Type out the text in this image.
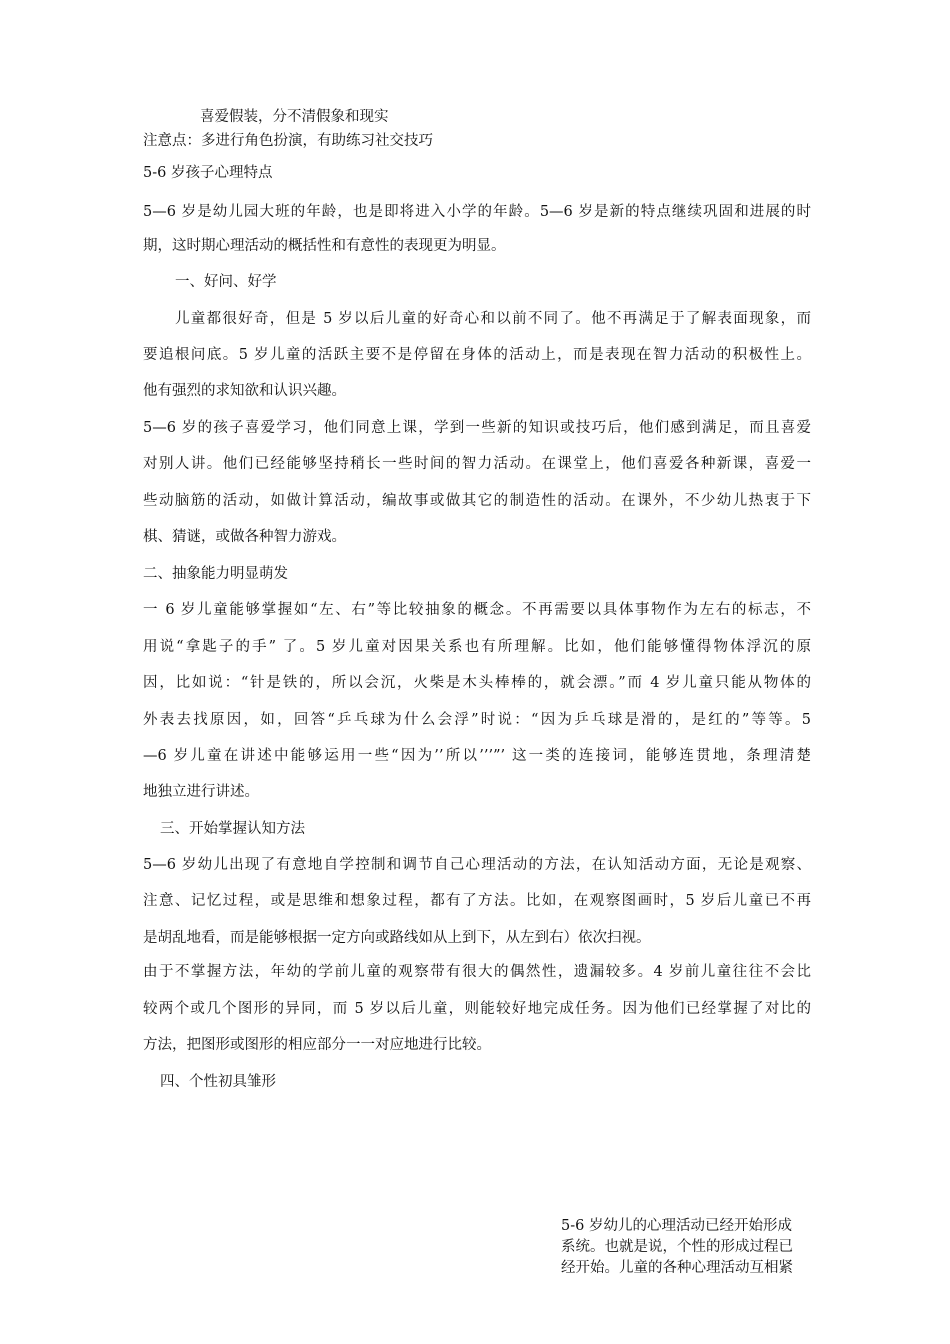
喜爱假装，分不清假象和现实
注意点：多进行角色扮演，有助练习社交技巧
5-6 岁孩子心理特点
5—6 岁是幼儿园大班的年龄，也是即将进入小学的年龄。5—6 岁是新的特点继续巩固和进展的时
期，这时期心理活动的概括性和有意性的表现更为明显。
一、好问、好学
儿童都很好奇，但是 5 岁以后儿童的好奇心和以前不同了。他不再满足于了解表面现象，而
要追根问底。5 岁儿童的活跃主要不是停留在身体的活动上，而是表现在智力活动的积极性上。
他有强烈的求知欲和认识兴趣。
5—6 岁的孩子喜爱学习，他们同意上课，学到一些新的知识或技巧后，他们感到满足，而且喜爱
对别人讲。他们已经能够坚持稍长一些时间的智力活动。在课堂上，他们喜爱各种新课，喜爱一
些动脑筋的活动，如做计算活动，编故事或做其它的制造性的活动。在课外，不少幼儿热衷于下
棋、猜谜，或做各种智力游戏。
二、抽象能力明显萌发
一 6 岁儿童能够掌握如“左、右”等比较抽象的概念。不再需要以具体事物作为左右的标志，不
用说“拿匙子的手” 了。5 岁儿童对因果关系也有所理解。比如，他们能够懂得物体浮沉的原
因，比如说：“针是铁的，所以会沉，火柴是木头棒棒的，就会漂。”而 4 岁儿童只能从物体的
外表去找原因，如，回答“乒乓球为什么会浮”时说：“因为乒乓球是滑的，是红的”等等。5
—6 岁儿童在讲述中能够运用一些“因为’’所以’’’”’ 这一类的连接词，能够连贯地，条理清楚
地独立进行讲述。
三、开始掌握认知方法
5—6 岁幼儿出现了有意地自学控制和调节自己心理活动的方法，在认知活动方面，无论是观察、
注意、记忆过程，或是思维和想象过程，都有了方法。比如，在观察图画时，5 岁后儿童已不再
是胡乱地看，而是能够根据一定方向或路线如从上到下，从左到右）依次扫视。
由于不掌握方法，年幼的学前儿童的观察带有很大的偶然性，遗漏较多。4 岁前儿童往往不会比
较两个或几个图形的异同，而 5 岁以后儿童，则能较好地完成任务。因为他们已经掌握了对比的
方法，把图形或图形的相应部分一一对应地进行比较。
四、个性初具雏形
5-6 岁幼儿的心理活动已经开始形成
系统。也就是说，个性的形成过程已
经开始。儿童的各种心理活动互相紧
